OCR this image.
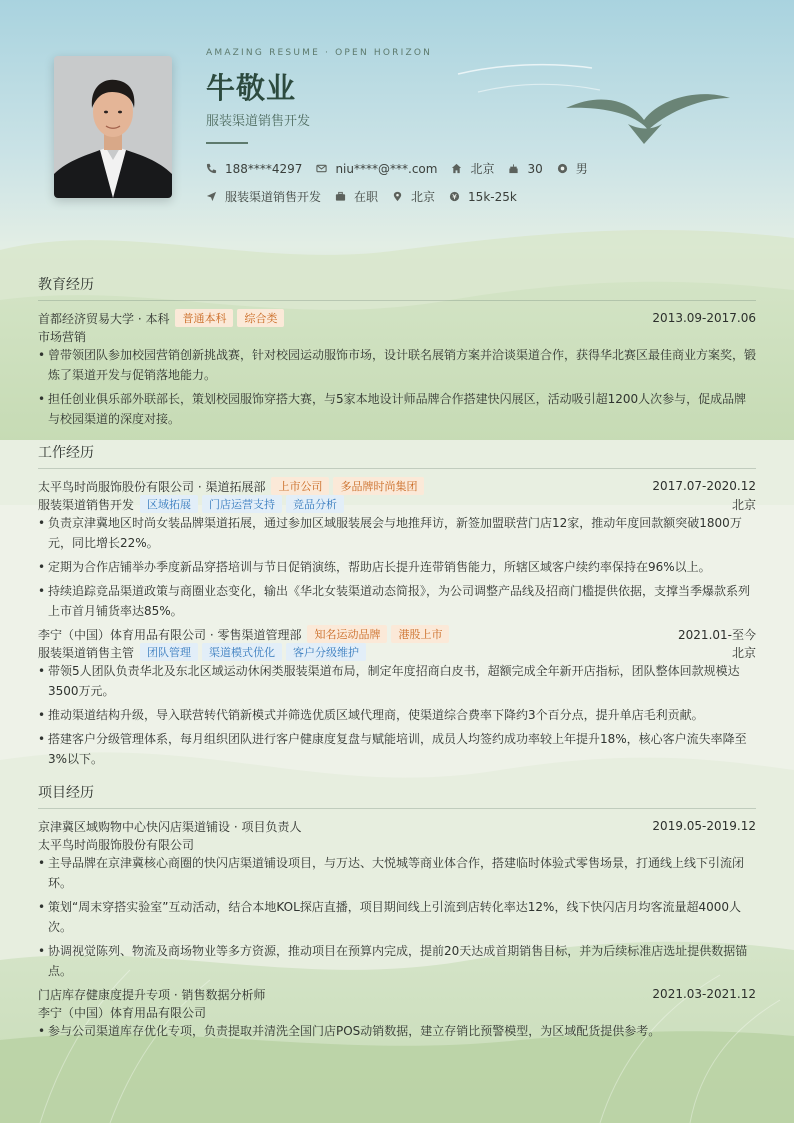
AMAZING RESUME · OPEN HORIZON
牛敬业
服装渠道销售开发
188****4297	niu****@***.com	北京	30	男
服装渠道销售开发	在职	北京	15k-25k
教育经历
首都经济贸易大学 · 本科	普通本科	综合类	2013.09-2017.06
市场营销
• 曾带领团队参加校园营销创新挑战赛，针对校园运动服饰市场，设计联名展销方案并洽谈渠道合作，获得华北赛区最佳商业方案奖，锻炼了渠道开发与促销落地能力。
• 担任创业俱乐部外联部长，策划校园服饰穿搭大赛，与5家本地设计师品牌合作搭建快闪展区，活动吸引超1200人次参与，促成品牌与校园渠道的深度对接。
工作经历
太平鸟时尚服饰股份有限公司 · 渠道拓展部	上市公司	多品牌时尚集团	2017.07-2020.12
服装渠道销售开发	区域拓展	门店运营支持	竞品分析	北京
• 负责京津冀地区时尚女装品牌渠道拓展，通过参加区域服装展会与地推拜访，新签加盟联营门店12家，推动年度回款额突破1800万元，同比增长22%。
• 定期为合作店铺举办季度新品穿搭培训与节日促销演练，帮助店长提升连带销售能力，所辖区域客户续约率保持在96%以上。
• 持续追踪竞品渠道政策与商圈业态变化，输出《华北女装渠道动态简报》，为公司调整产品线及招商门槛提供依据，支撑当季爆款系列上市首月铺货率达85%。
李宁（中国）体育用品有限公司 · 零售渠道管理部	知名运动品牌	港股上市	2021.01-至今
服装渠道销售主管	团队管理	渠道模式优化	客户分级维护	北京
• 带领5人团队负责华北及东北区域运动休闲类服装渠道布局，制定年度招商白皮书，超额完成全年新开店指标，团队整体回款规模达3500万元。
• 推动渠道结构升级，导入联营转代销新模式并筛选优质区域代理商，使渠道综合费率下降约3个百分点，提升单店毛利贡献。
• 搭建客户分级管理体系，每月组织团队进行客户健康度复盘与赋能培训，成员人均签约成功率较上年提升18%，核心客户流失率降至3%以下。
项目经历
京津冀区域购物中心快闪店渠道铺设 · 项目负责人	2019.05-2019.12
太平鸟时尚服饰股份有限公司
• 主导品牌在京津冀核心商圈的快闪店渠道铺设项目，与万达、大悦城等商业体合作，搭建临时体验式零售场景，打通线上线下引流闭环。
• 策划“周末穿搭实验室”互动活动，结合本地KOL探店直播，项目期间线上引流到店转化率达12%，线下快闪店月均客流量超4000人次。
• 协调视觉陈列、物流及商场物业等多方资源，推动项目在预算内完成，提前20天达成首期销售目标，并为后续标准店选址提供数据锚点。
门店库存健康度提升专项 · 销售数据分析师	2021.03-2021.12
李宁（中国）体育用品有限公司
• 参与公司渠道库存优化专项，负责提取并清洗全国门店POS动销数据，建立存销比预警模型，为区域配货提供参考。
